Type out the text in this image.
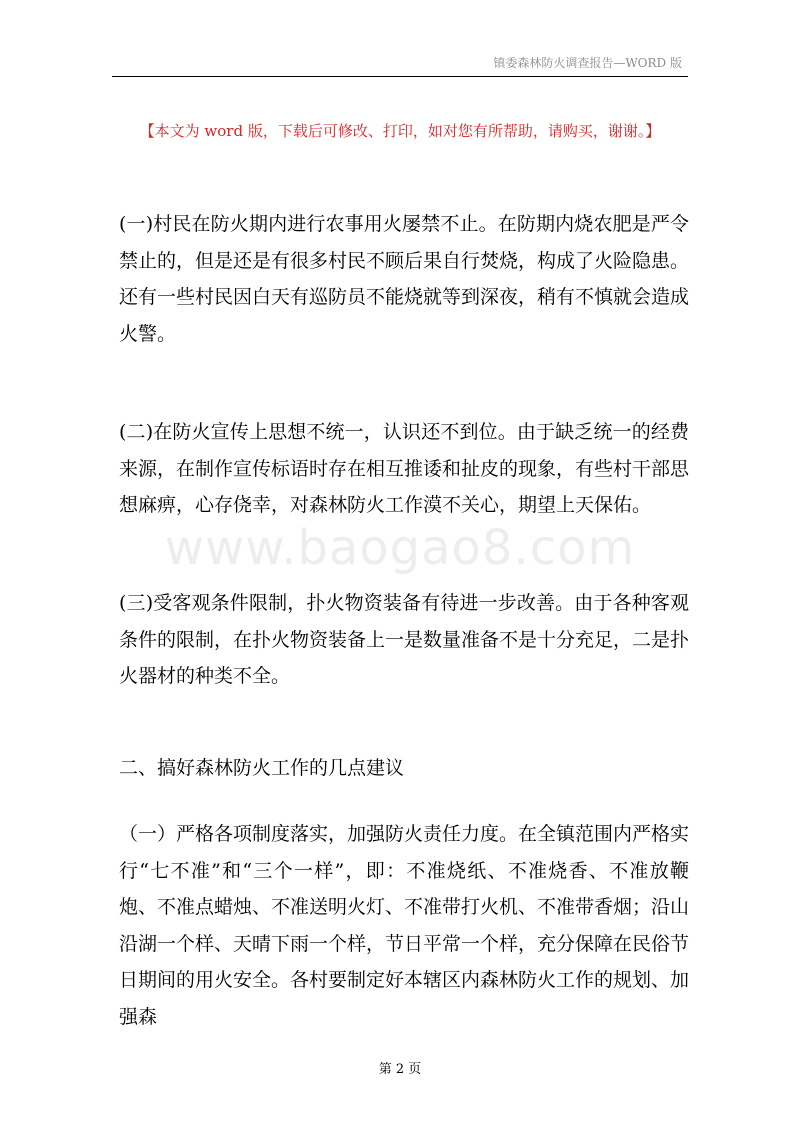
镇委森林防火调查报告—WORD 版
【本文为 word 版，下载后可修改、打印，如对您有所帮助，请购买，谢谢。】

(一)村民在防火期内进行农事用火屡禁不止。在防期内烧农肥是严令禁止的，但是还是有很多村民不顾后果自行焚烧，构成了火险隐患。还有一些村民因白天有巡防员不能烧就等到深夜，稍有不慎就会造成火警。

(二)在防火宣传上思想不统一，认识还不到位。由于缺乏统一的经费来源，在制作宣传标语时存在相互推诿和扯皮的现象，有些村干部思想麻痹，心存侥幸，对森林防火工作漠不关心，期望上天保佑。

(三)受客观条件限制，扑火物资装备有待进一步改善。由于各种客观条件的限制，在扑火物资装备上一是数量准备不是十分充足，二是扑火器材的种类不全。

二、搞好森林防火工作的几点建议

（一）严格各项制度落实，加强防火责任力度。在全镇范围内严格实行“七不准”和“三个一样”，即：不准烧纸、不准烧香、不准放鞭炮、不准点蜡烛、不准送明火灯、不准带打火机、不准带香烟；沿山沿湖一个样、天晴下雨一个样，节日平常一个样，充分保障在民俗节日期间的用火安全。各村要制定好本辖区内森林防火工作的规划、加强森

www.baogao8.com
第 2 页
